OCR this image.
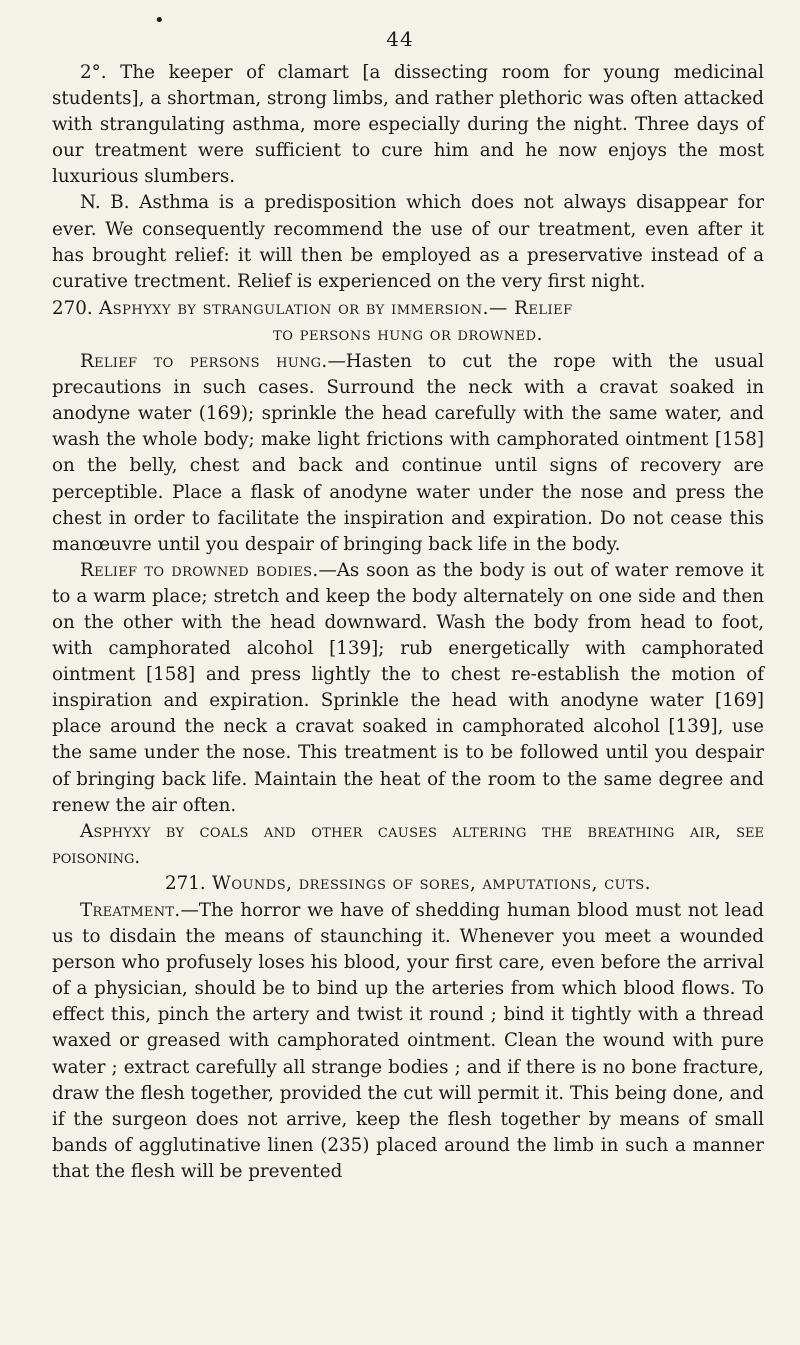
•
44

2°. The keeper of clamart [a dissecting room for young medicinal students], a shortman, strong limbs, and rather plethoric was often attacked with strangulating asthma, more especially during the night. Three days of our treatment were sufficient to cure him and he now enjoys the most luxurious slumbers.

N. B. Asthma is a predisposition which does not always disappear for ever. We consequently recommend the use of our treatment, even after it has brought relief: it will then be employed as a preservative instead of a curative trectment. Relief is experienced on the very first night.

270. Asphyxy by strangulation or by immersion.— Relief

to persons hung or drowned.

Relief to persons hung.—Hasten to cut the rope with the usual precautions in such cases. Surround the neck with a cravat soaked in anodyne water (169); sprinkle the head carefully with the same water, and wash the whole body; make light frictions with camphorated ointment [158] on the belly, chest and back and continue until signs of recovery are perceptible. Place a flask of anodyne water under the nose and press the chest in order to facilitate the inspiration and expiration. Do not cease this manœuvre until you despair of bringing back life in the body.

Relief to drowned bodies.—As soon as the body is out of water remove it to a warm place; stretch and keep the body alternately on one side and then on the other with the head downward. Wash the body from head to foot, with camphorated alcohol [139]; rub energetically with camphorated ointment [158] and press lightly the to chest re-establish the motion of inspiration and expiration. Sprinkle the head with anodyne water [169] place around the neck a cravat soaked in camphorated alcohol [139], use the same under the nose. This treatment is to be followed until you despair of bringing back life. Maintain the heat of the room to the same degree and renew the air often.

Asphyxy by coals and other causes altering the breathing air, see poisoning.

271. Wounds, dressings of sores, amputations, cuts.

Treatment.—The horror we have of shedding human blood must not lead us to disdain the means of staunching it. Whenever you meet a wounded person who profusely loses his blood, your first care, even before the arrival of a physician, should be to bind up the arteries from which blood flows. To effect this, pinch the artery and twist it round ; bind it tightly with a thread waxed or greased with camphorated ointment. Clean the wound with pure water ; extract carefully all strange bodies ; and if there is no bone fracture, draw the flesh together, provided the cut will permit it. This being done, and if the surgeon does not arrive, keep the flesh together by means of small bands of agglutinative linen (235) placed around the limb in such a manner that the flesh will be prevented
